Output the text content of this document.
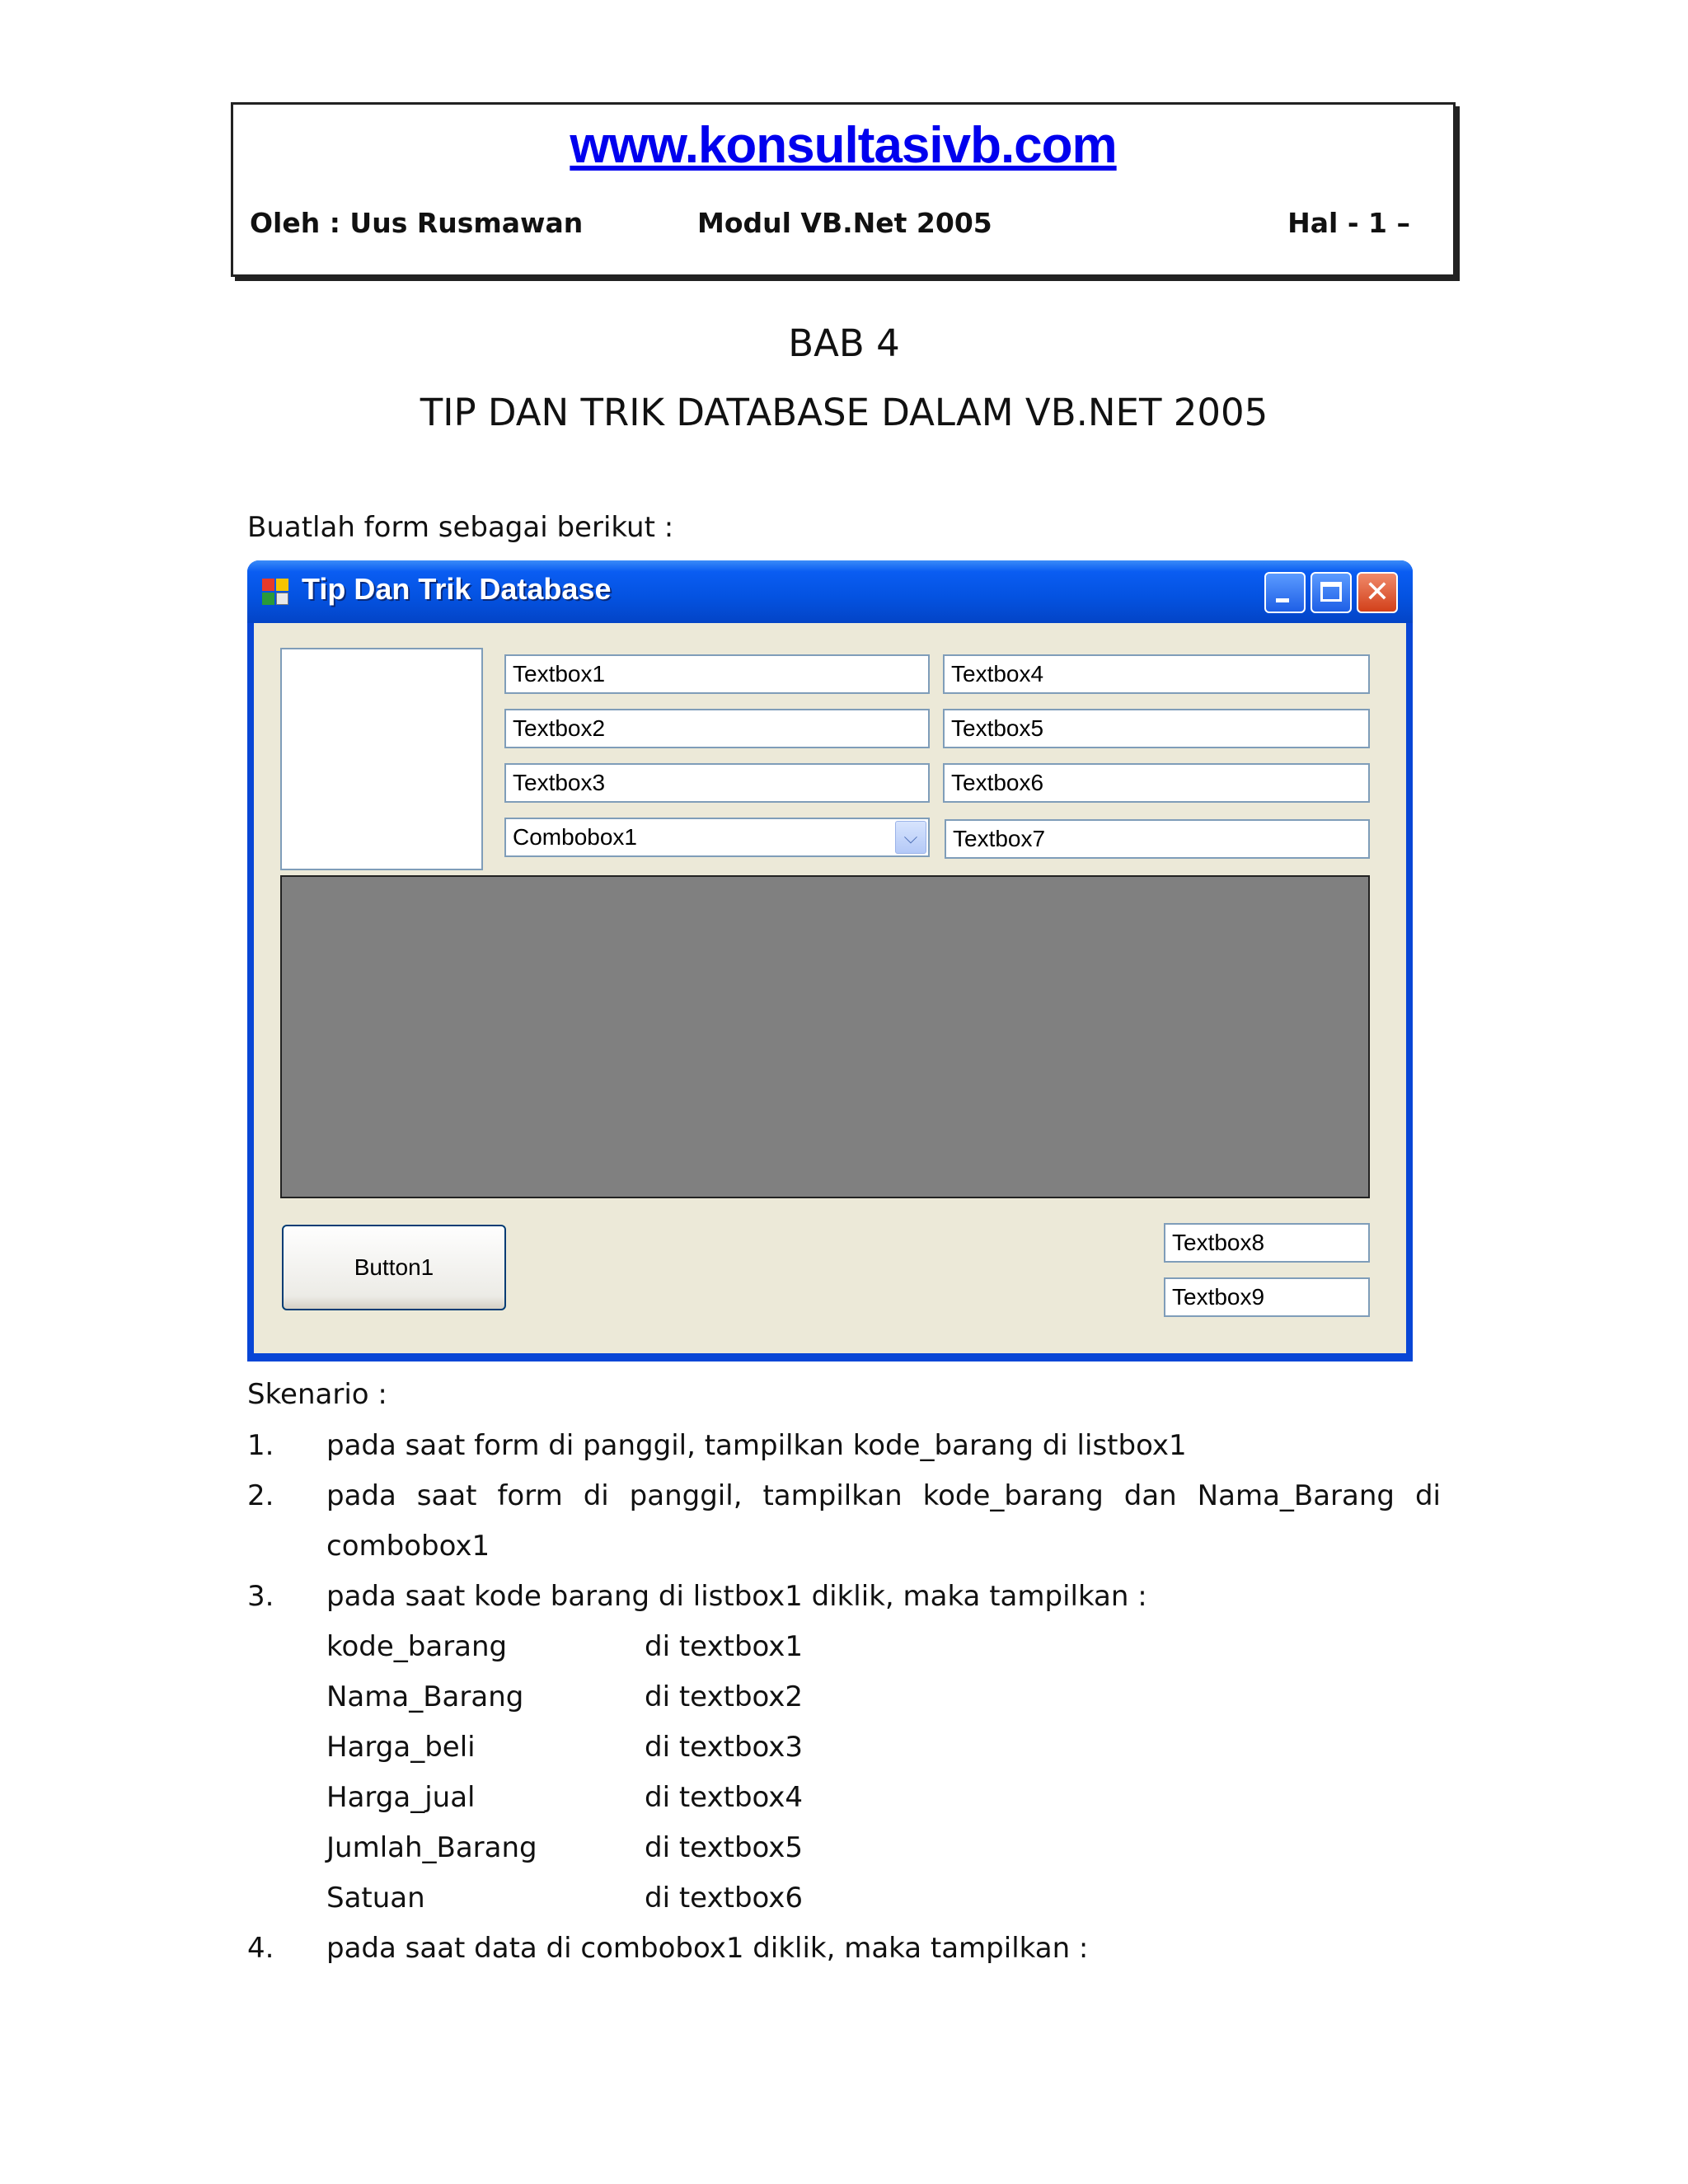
www.konsultasivb.com
Oleh : Uus Rusmawan	Modul VB.Net 2005	Hal - 1 –
BAB 4
TIP DAN TRIK DATABASE DALAM VB.NET 2005
Buatlah form sebagai berikut :
Tip Dan Trik Database	✕
Textbox1
Textbox2
Textbox3
Combobox1	⌵
Textbox4
Textbox5
Textbox6
Textbox7
Button1
Textbox8
Textbox9
Skenario :
1. pada saat form di panggil, tampilkan kode_barang di listbox1
2. pada saat form di panggil, tampilkan kode_barang dan Nama_Barang di
combobox1
3. pada saat kode barang di listbox1 diklik, maka tampilkan :
kode_barang	di textbox1
Nama_Barang	di textbox2
Harga_beli	di textbox3
Harga_jual	di textbox4
Jumlah_Barang	di textbox5
Satuan	di textbox6
4. pada saat data di combobox1 diklik, maka tampilkan :
